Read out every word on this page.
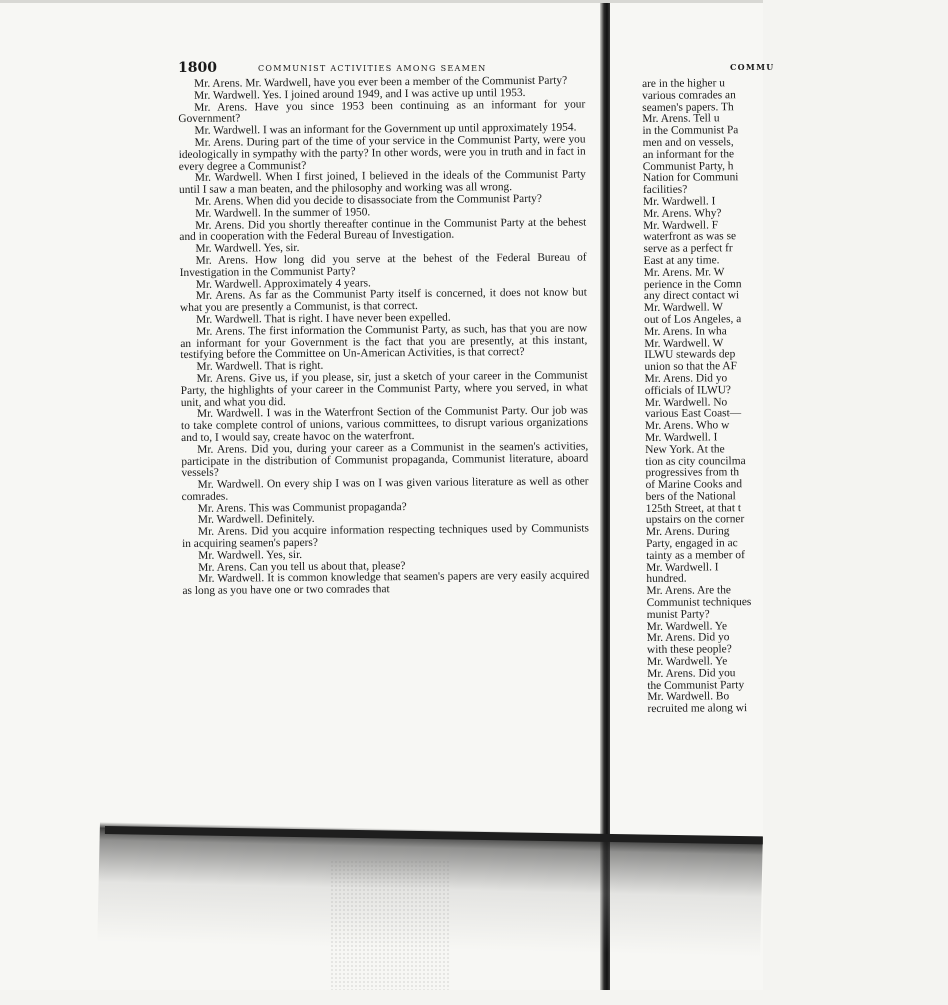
1800	COMMUNIST ACTIVITIES AMONG SEAMEN

Mr. Arens. Mr. Wardwell, have you ever been a member of the Communist Party?

Mr. Wardwell. Yes. I joined around 1949, and I was active up until 1953.

Mr. Arens. Have you since 1953 been continuing as an informant for your Government?

Mr. Wardwell. I was an informant for the Government up until approximately 1954.

Mr. Arens. During part of the time of your service in the Communist Party, were you ideologically in sympathy with the party? In other words, were you in truth and in fact in every degree a Communist?

Mr. Wardwell. When I first joined, I believed in the ideals of the Communist Party until I saw a man beaten, and the philosophy and working was all wrong.

Mr. Arens. When did you decide to disassociate from the Communist Party?

Mr. Wardwell. In the summer of 1950.

Mr. Arens. Did you shortly thereafter continue in the Communist Party at the behest and in cooperation with the Federal Bureau of Investigation.

Mr. Wardwell. Yes, sir.

Mr. Arens. How long did you serve at the behest of the Federal Bureau of Investigation in the Communist Party?

Mr. Wardwell. Approximately 4 years.

Mr. Arens. As far as the Communist Party itself is concerned, it does not know but what you are presently a Communist, is that correct.

Mr. Wardwell. That is right. I have never been expelled.

Mr. Arens. The first information the Communist Party, as such, has that you are now an informant for your Government is the fact that you are presently, at this instant, testifying before the Committee on Un-American Activities, is that correct?

Mr. Wardwell. That is right.

Mr. Arens. Give us, if you please, sir, just a sketch of your career in the Communist Party, the highlights of your career in the Communist Party, where you served, in what unit, and what you did.

Mr. Wardwell. I was in the Waterfront Section of the Communist Party. Our job was to take complete control of unions, various committees, to disrupt various organizations and to, I would say, create havoc on the waterfront.

Mr. Arens. Did you, during your career as a Communist in the seamen's activities, participate in the distribution of Communist propaganda, Communist literature, aboard vessels?

Mr. Wardwell. On every ship I was on I was given various literature as well as other comrades.

Mr. Arens. This was Communist propaganda?

Mr. Wardwell. Definitely.

Mr. Arens. Did you acquire information respecting techniques used by Communists in acquiring seamen's papers?

Mr. Wardwell. Yes, sir.

Mr. Arens. Can you tell us about that, please?

Mr. Wardwell. It is common knowledge that seamen's papers are very easily acquired as long as you have one or two comrades that

COMMU
are in the higher u
various comrades an
seamen's papers. Th
Mr. Arens. Tell u
in the Communist Pa
men and on vessels,
an informant for the
Communist Party, h
Nation for Communi
facilities?
Mr. Wardwell. I
Mr. Arens. Why?
Mr. Wardwell. F
waterfront as was se
serve as a perfect fr
East at any time.
Mr. Arens. Mr. W
perience in the Comn
any direct contact wi
Mr. Wardwell. W
out of Los Angeles, a
Mr. Arens. In wha
Mr. Wardwell. W
ILWU stewards dep
union so that the AF
Mr. Arens. Did yo
officials of ILWU?
Mr. Wardwell. No
various East Coast—
Mr. Arens. Who w
Mr. Wardwell. I
New York. At the
tion as city councilma
progressives from th
of Marine Cooks and
bers of the National
125th Street, at that t
upstairs on the corner
Mr. Arens. During
Party, engaged in ac
tainty as a member of
Mr. Wardwell. I
hundred.
Mr. Arens. Are the
Communist techniques
munist Party?
Mr. Wardwell. Ye
Mr. Arens. Did yo
with these people?
Mr. Wardwell. Ye
Mr. Arens. Did you
the Communist Party
Mr. Wardwell. Bo
recruited me along wi
